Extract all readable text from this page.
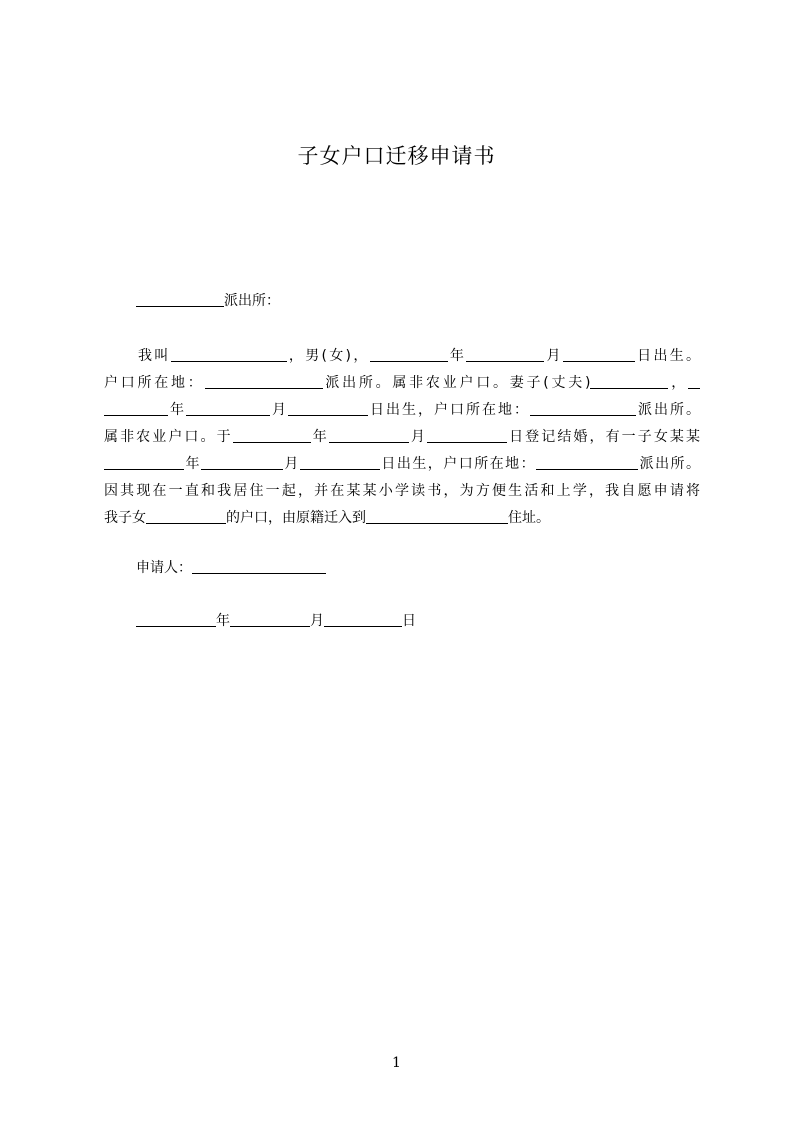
子女户口迁移申请书
派出所：
我叫	，男(女)，	年	月	日出生。
户口所在地：	派出所。属非农业户口。妻子(丈夫)	，
年	月	日出生，户口所在地：	派出所。
属非农业户口。于	年	月	日登记结婚，有一子女某某
年	月	日出生，户口所在地：	派出所。
因其现在一直和我居住一起，并在某某小学读书，为方便生活和上学，我自愿申请将
我子女	的户口，由原籍迁入到	住址。
申请人：
年	月	日
1
